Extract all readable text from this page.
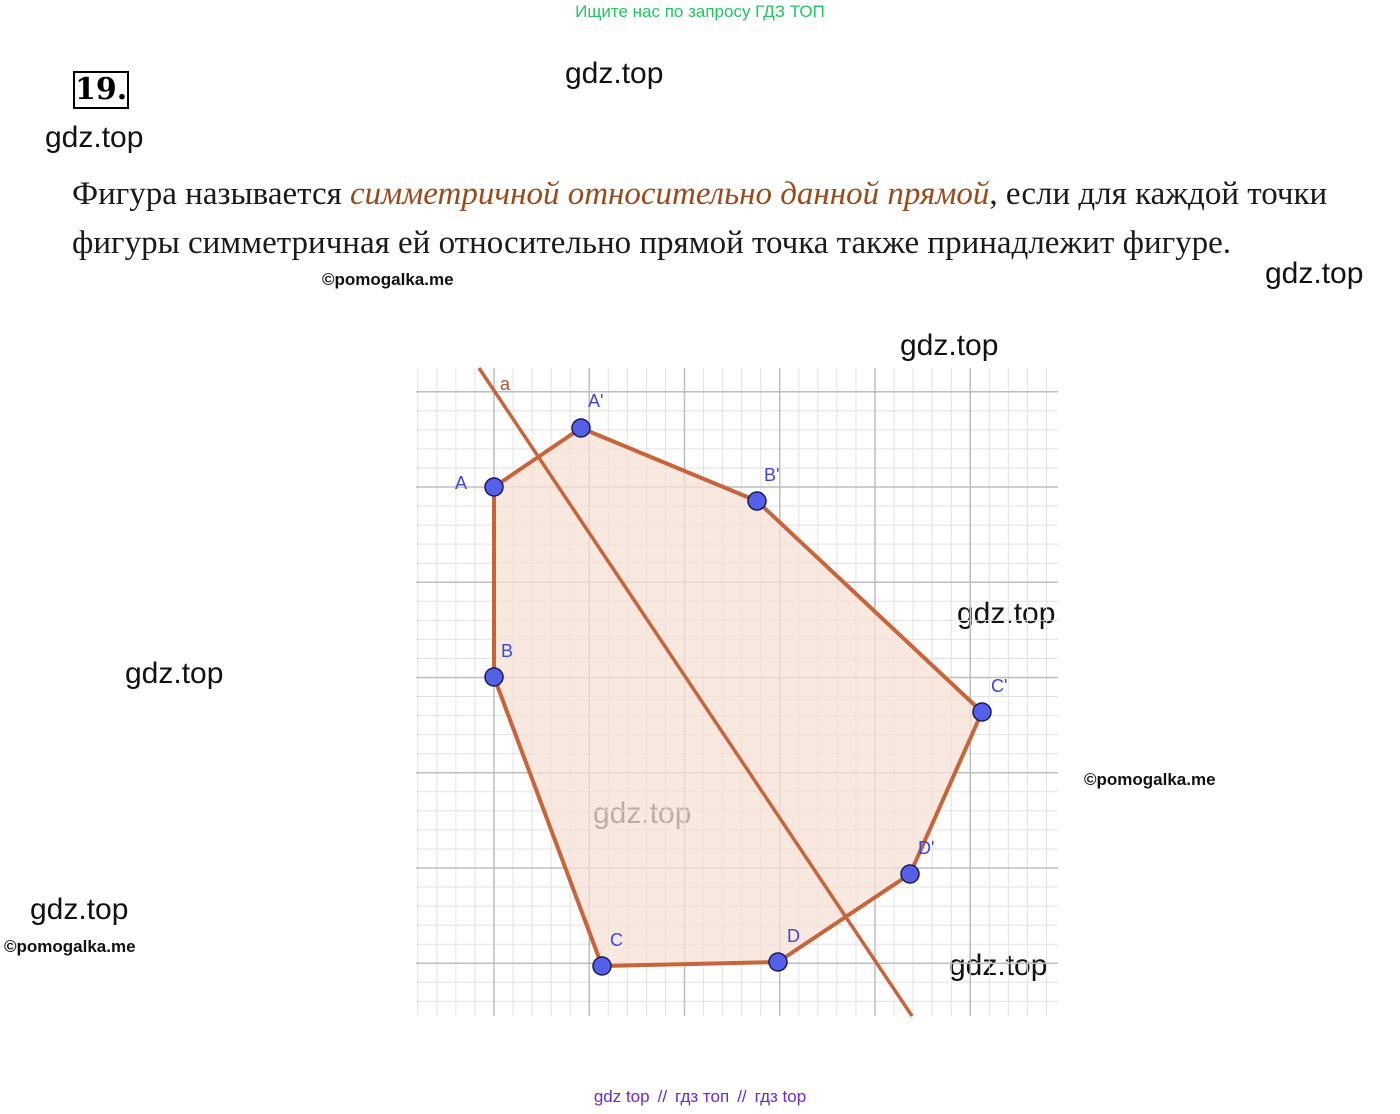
Ищите нас по запросу ГДЗ ТОП
19.	gdz.top
gdz.top
gdz.top
gdz.top
gdz.top
gdz.top
gdz.top
gdz.top
©pomogalka.me
©pomogalka.me
©pomogalka.me
Фигура называется симметричной относительно данной прямой, если для каждой точки фигуры симметричная ей относительно прямой точка также принадлежит фигуре.
a
A
A'
B'
C'
D'
D
C
B
gdz top // гдз топ // гдз top
